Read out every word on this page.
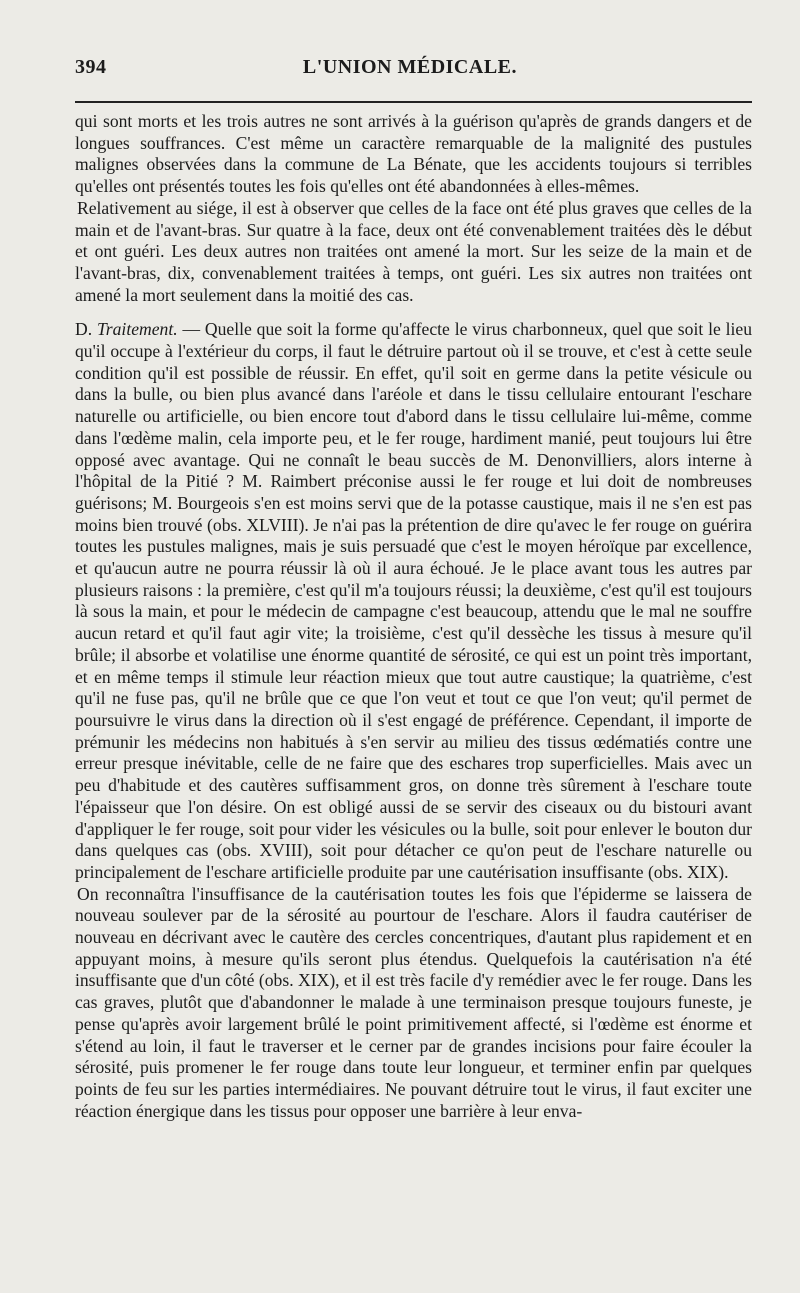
394	L'UNION MÉDICALE.

qui sont morts et les trois autres ne sont arrivés à la guérison qu'après de grands dangers et de longues souffrances. C'est même un caractère remarquable de la malignité des pustules malignes observées dans la commune de La Bénate, que les accidents toujours si terribles qu'elles ont présentés toutes les fois qu'elles ont été abandonnées à elles-mêmes.

Relativement au siége, il est à observer que celles de la face ont été plus graves que celles de la main et de l'avant-bras. Sur quatre à la face, deux ont été convenablement traitées dès le début et ont guéri. Les deux autres non traitées ont amené la mort. Sur les seize de la main et de l'avant-bras, dix, convenablement traitées à temps, ont guéri. Les six autres non traitées ont amené la mort seulement dans la moitié des cas.

D. Traitement. — Quelle que soit la forme qu'affecte le virus charbonneux, quel que soit le lieu qu'il occupe à l'extérieur du corps, il faut le détruire partout où il se trouve, et c'est à cette seule condition qu'il est possible de réussir. En effet, qu'il soit en germe dans la petite vésicule ou dans la bulle, ou bien plus avancé dans l'aréole et dans le tissu cellulaire entourant l'eschare naturelle ou artificielle, ou bien encore tout d'abord dans le tissu cellulaire lui-même, comme dans l'œdème malin, cela importe peu, et le fer rouge, hardiment manié, peut toujours lui être opposé avec avantage. Qui ne connaît le beau succès de M. Denonvilliers, alors interne à l'hôpital de la Pitié ? M. Raimbert préconise aussi le fer rouge et lui doit de nombreuses guérisons; M. Bourgeois s'en est moins servi que de la potasse caustique, mais il ne s'en est pas moins bien trouvé (obs. XLVIII). Je n'ai pas la prétention de dire qu'avec le fer rouge on guérira toutes les pustules malignes, mais je suis persuadé que c'est le moyen héroïque par excellence, et qu'aucun autre ne pourra réussir là où il aura échoué. Je le place avant tous les autres par plusieurs raisons : la première, c'est qu'il m'a toujours réussi; la deuxième, c'est qu'il est toujours là sous la main, et pour le médecin de campagne c'est beaucoup, attendu que le mal ne souffre aucun retard et qu'il faut agir vite; la troisième, c'est qu'il dessèche les tissus à mesure qu'il brûle; il absorbe et volatilise une énorme quantité de sérosité, ce qui est un point très important, et en même temps il stimule leur réaction mieux que tout autre caustique; la quatrième, c'est qu'il ne fuse pas, qu'il ne brûle que ce que l'on veut et tout ce que l'on veut; qu'il permet de poursuivre le virus dans la direction où il s'est engagé de préférence. Cependant, il importe de prémunir les médecins non habitués à s'en servir au milieu des tissus œdématiés contre une erreur presque inévitable, celle de ne faire que des eschares trop superficielles. Mais avec un peu d'habitude et des cautères suffisamment gros, on donne très sûrement à l'eschare toute l'épaisseur que l'on désire. On est obligé aussi de se servir des ciseaux ou du bistouri avant d'appliquer le fer rouge, soit pour vider les vésicules ou la bulle, soit pour enlever le bouton dur dans quelques cas (obs. XVIII), soit pour détacher ce qu'on peut de l'eschare naturelle ou principalement de l'eschare artificielle produite par une cautérisation insuffisante (obs. XIX).

On reconnaîtra l'insuffisance de la cautérisation toutes les fois que l'épiderme se laissera de nouveau soulever par de la sérosité au pourtour de l'eschare. Alors il faudra cautériser de nouveau en décrivant avec le cautère des cercles concentriques, d'autant plus rapidement et en appuyant moins, à mesure qu'ils seront plus étendus. Quelquefois la cautérisation n'a été insuffisante que d'un côté (obs. XIX), et il est très facile d'y remédier avec le fer rouge. Dans les cas graves, plutôt que d'abandonner le malade à une terminaison presque toujours funeste, je pense qu'après avoir largement brûlé le point primitivement affecté, si l'œdème est énorme et s'étend au loin, il faut le traverser et le cerner par de grandes incisions pour faire écouler la sérosité, puis promener le fer rouge dans toute leur longueur, et terminer enfin par quelques points de feu sur les parties intermédiaires. Ne pouvant détruire tout le virus, il faut exciter une réaction énergique dans les tissus pour opposer une barrière à leur enva-
